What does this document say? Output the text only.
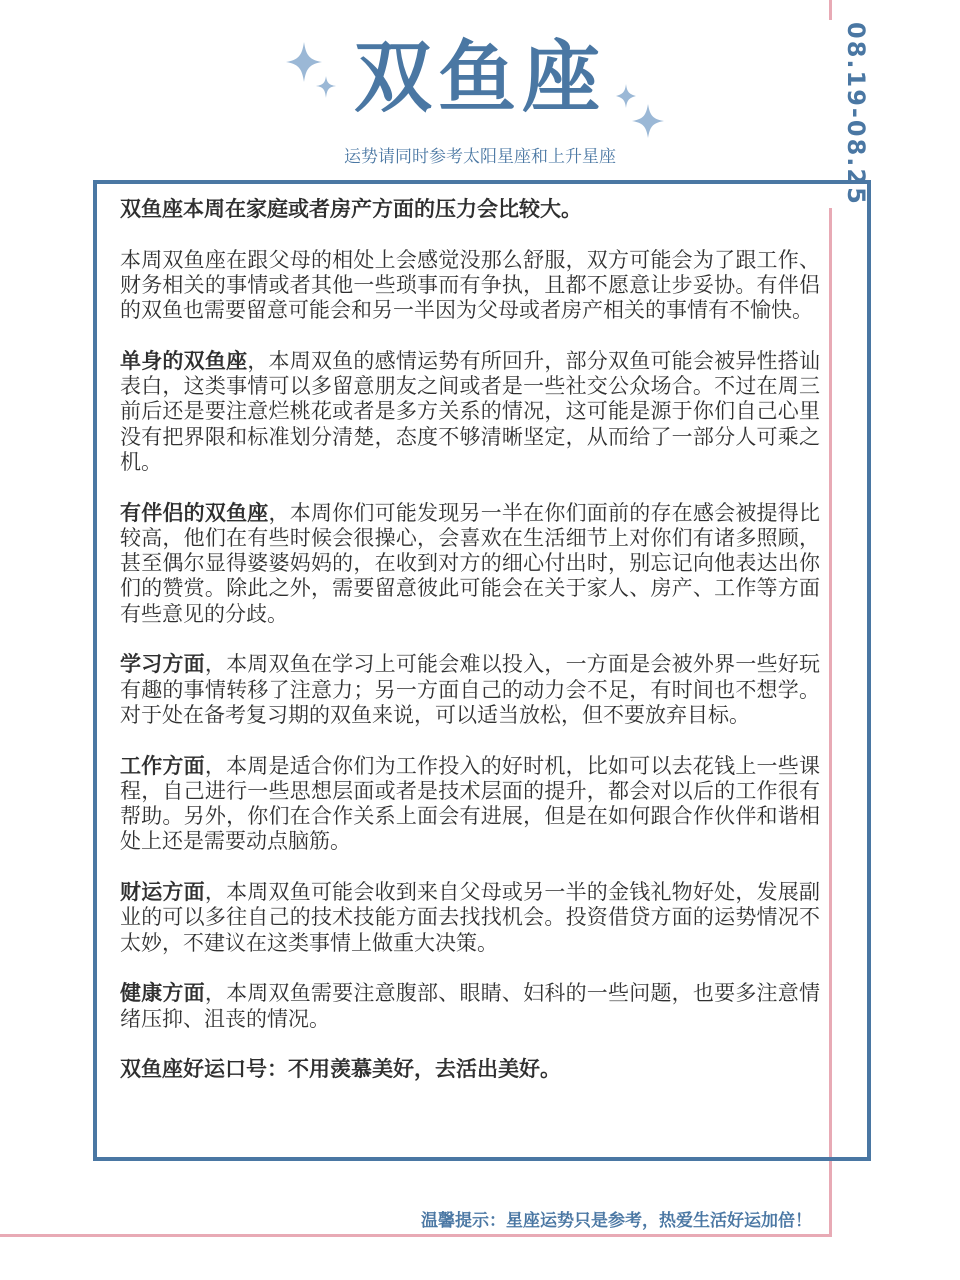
08.19-08.25
双鱼座
运势请同时参考太阳星座和上升星座

双鱼座本周在家庭或者房产方面的压力会比较大。

本周双鱼座在跟父母的相处上会感觉没那么舒服，双方可能会为了跟工作、财务相关的事情或者其他一些琐事而有争执，且都不愿意让步妥协。有伴侣的双鱼也需要留意可能会和另一半因为父母或者房产相关的事情有不愉快。

单身的双鱼座，本周双鱼的感情运势有所回升，部分双鱼可能会被异性搭讪表白，这类事情可以多留意朋友之间或者是一些社交公众场合。不过在周三前后还是要注意烂桃花或者是多方关系的情况，这可能是源于你们自己心里没有把界限和标准划分清楚，态度不够清晰坚定，从而给了一部分人可乘之机。

有伴侣的双鱼座，本周你们可能发现另一半在你们面前的存在感会被提得比较高，他们在有些时候会很操心，会喜欢在生活细节上对你们有诸多照顾，甚至偶尔显得婆婆妈妈的，在收到对方的细心付出时，别忘记向他表达出你们的赞赏。除此之外，需要留意彼此可能会在关于家人、房产、工作等方面有些意见的分歧。

学习方面，本周双鱼在学习上可能会难以投入，一方面是会被外界一些好玩有趣的事情转移了注意力；另一方面自己的动力会不足，有时间也不想学。对于处在备考复习期的双鱼来说，可以适当放松，但不要放弃目标。

工作方面，本周是适合你们为工作投入的好时机，比如可以去花钱上一些课程，自己进行一些思想层面或者是技术层面的提升，都会对以后的工作很有帮助。另外，你们在合作关系上面会有进展，但是在如何跟合作伙伴和谐相处上还是需要动点脑筋。

财运方面，本周双鱼可能会收到来自父母或另一半的金钱礼物好处，发展副业的可以多往自己的技术技能方面去找找机会。投资借贷方面的运势情况不太妙，不建议在这类事情上做重大决策。

健康方面，本周双鱼需要注意腹部、眼睛、妇科的一些问题，也要多注意情绪压抑、沮丧的情况。

双鱼座好运口号：不用羡慕美好，去活出美好。

温馨提示：星座运势只是参考，热爱生活好运加倍！
